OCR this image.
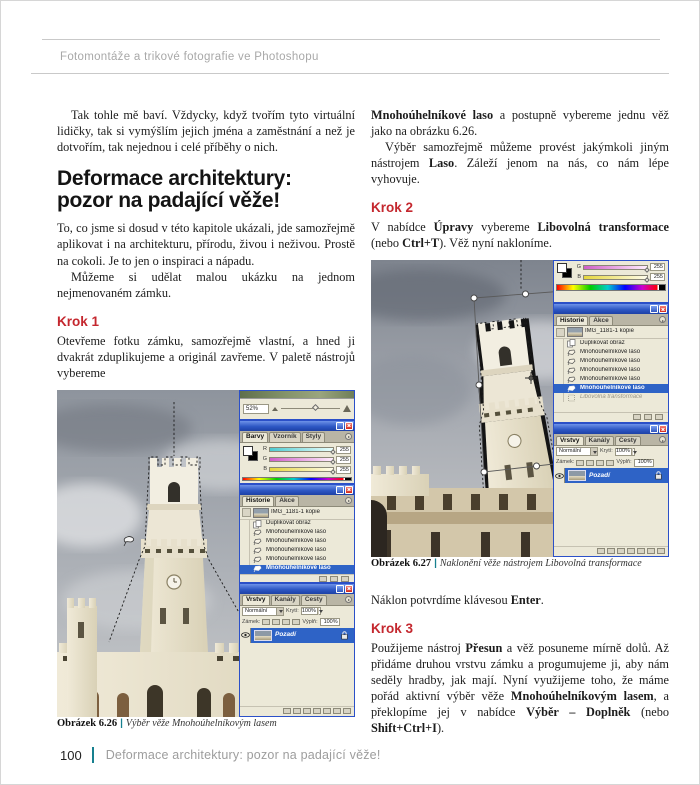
Fotomontáže a trikové fotografie ve Photoshopu

Tak tohle mě baví. Vždycky, když tvořím tyto virtuální lidičky, tak si vymýšlím jejich jména a zaměstnání a než je dotvořím, tak nejednou i celé příběhy o nich.

Deformace architektury:
pozor na padající věže!

To, co jsme si dosud v této kapitole ukázali, jde samozřejmě aplikovat i na architekturu, přírodu, živou i neživou. Prostě na cokoli. Je to jen o inspiraci a nápadu.

Můžeme si udělat malou ukázku na jednom nejmenovaném zámku.

Krok 1

Otevřeme fotku zámku, samozřejmě vlastní, a hned ji dvakrát zduplikujeme a originál zavřeme. V paletě nástrojů vybereme

52%
Barvy	Vzorník	Styly
R	255
G	255
B	255
Historie	Akce
IMG_1181-1 kopie
Duplikovat obraz
Mnohoúhelníkové laso
Mnohoúhelníkové laso
Mnohoúhelníkové laso
Mnohoúhelníkové laso
Mnohoúhelníkové laso
Vrstvy	Kanály	Cesty
Normální	Krytí: 100%
Zámek:	Výplň: 100%
Pozadí

Obrázek 6.26 | Výběr věže Mnohoúhelníkovým lasem

Mnohoúhelníkové laso a postupně vybereme jednu věž jako na obrázku 6.26.

Výběr samozřejmě můžeme provést jakýmkoli jiným nástrojem Laso. Záleží jenom na nás, co nám lépe vyhovuje.

Krok 2

V nabídce Úpravy vybereme Libovolná transformace (nebo Ctrl+T). Věž nyní nakloníme.

G	255
B	255
Historie	Akce
IMG_1181-1 kopie
Duplikovat obraz
Mnohoúhelníkové laso
Mnohoúhelníkové laso
Mnohoúhelníkové laso
Mnohoúhelníkové laso
Mnohoúhelníkové laso
Libovolná transformace
Vrstvy	Kanály	Cesty
Normální	Krytí: 100%
Zámek:	Výplň: 100%
Pozadí

Obrázek 6.27 | Naklonění věže nástrojem Libovolná transformace

Náklon potvrdíme klávesou Enter.

Krok 3

Použijeme nástroj Přesun a věž posuneme mírně dolů. Až přidáme druhou vrstvu zámku a progumujeme ji, aby nám seděly hradby, jak mají. Nyní využijeme toho, že máme pořád aktivní výběr věže Mnohoúhelníkovým lasem, a překlopíme jej v nabídce Výběr – Doplněk (nebo Shift+Ctrl+I).

100 Deformace architektury: pozor na padající věže!
